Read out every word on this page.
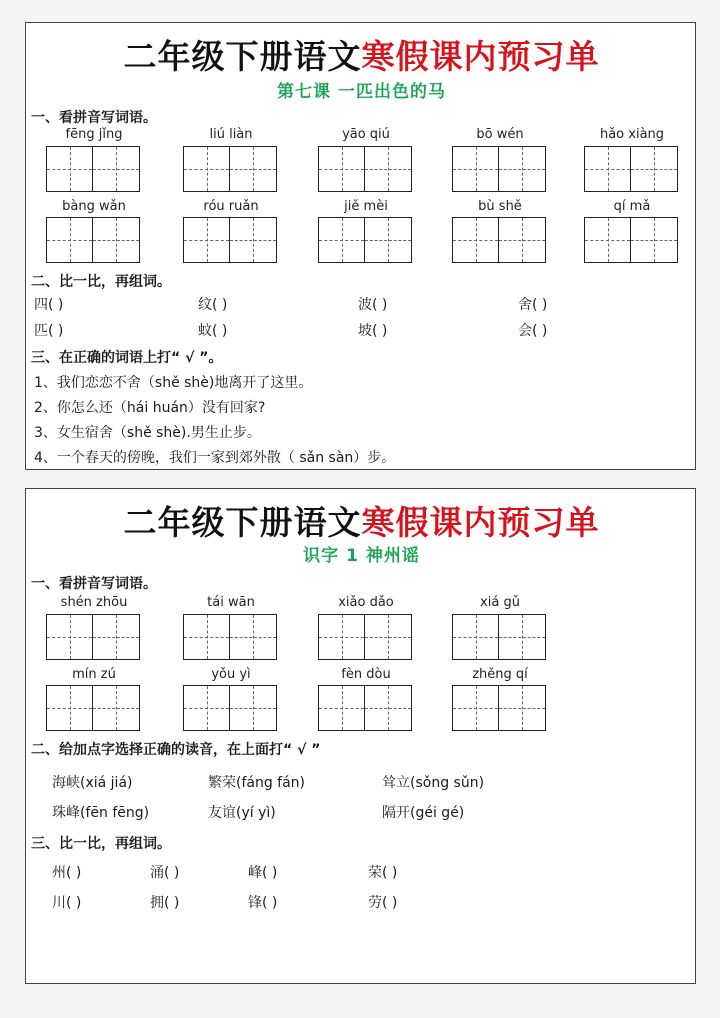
二年级下册语文寒假课内预习单
第七课 一匹出色的马
一、看拼音写词语。
fēng jǐng	liú liàn	yāo qiú	bō wén	hǎo xiàng
bàng wǎn	róu ruǎn	jiě mèi	bù shě	qí mǎ
二、比一比，再组词。
四( )	纹( )	波( )	舍( )
匹( )	蚊( )	坡( )	会( )
三、在正确的词语上打“ √ ”。
1、我们恋恋不舍（shě shè)地离开了这里。
2、你怎么还（hái huán）没有回家?
3、女生宿舍（shě shè).男生止步。
4、一个春天的傍晚，我们一家到郊外散（ sǎn sàn）步。
二年级下册语文寒假课内预习单
识字 1 神州谣
一、看拼音写词语。
shén zhōu	tái wān	xiǎo dǎo	xiá gǔ
mín zú	yǒu yì	fèn dòu	zhěng qí
二、给加点字选择正确的读音，在上面打“ √ ”
海峡(xiá jiá)	繁荣(fáng fán)	耸立(sǒng sǔn)
珠峰(fēn fēng)	友谊(yí yì)	隔开(géi gé)
三、比一比，再组词。
州( )	涌( )	峰( )	荣( )
川( )	拥( )	锋( )	劳( )
